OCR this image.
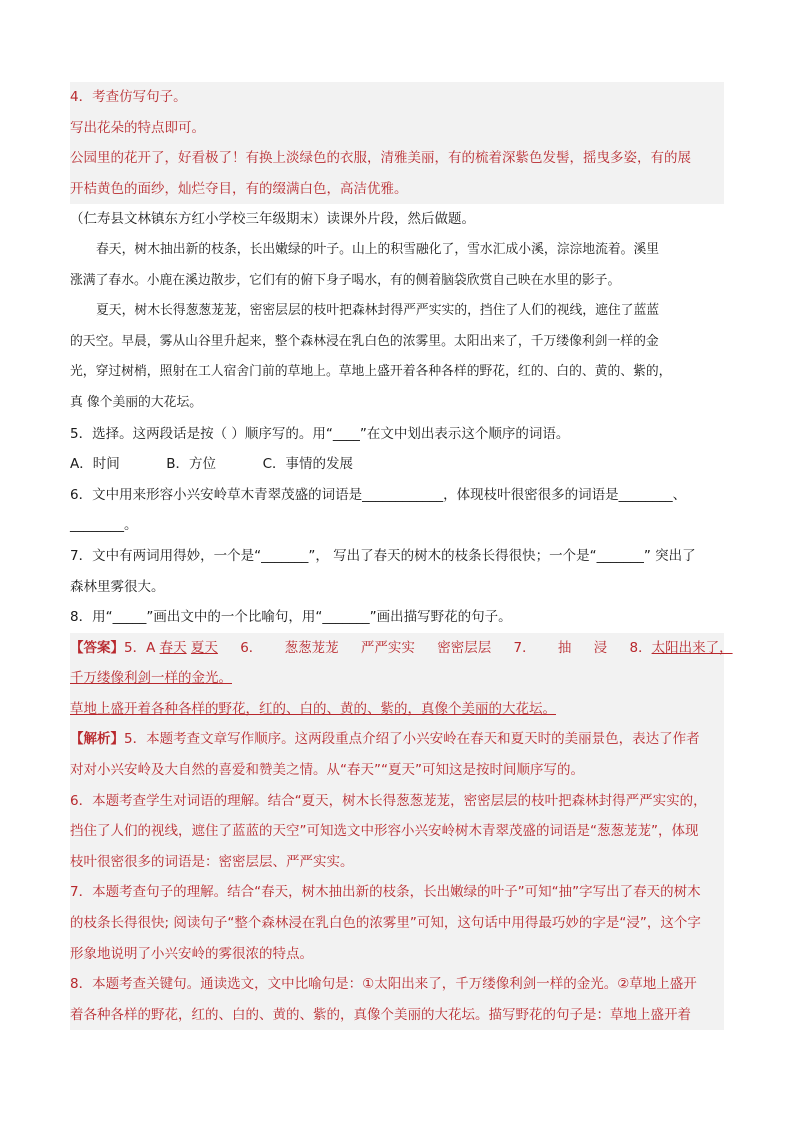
4．考查仿写句子。
写出花朵的特点即可。
公园里的花开了，好看极了！有换上淡绿色的衣服，清雅美丽，有的梳着深紫色发髻，摇曳多姿，有的展
开桔黄色的面纱，灿烂夺目，有的缀满白色，高洁优雅。
（仁寿县文林镇东方红小学校三年级期末）读课外片段，然后做题。
春天，树木抽出新的枝条，长出嫩绿的叶子。山上的积雪融化了，雪水汇成小溪，淙淙地流着。溪里
涨满了春水。小鹿在溪边散步，它们有的俯下身子喝水，有的侧着脑袋欣赏自己映在水里的影子。
夏天，树木长得葱葱茏茏，密密层层的枝叶把森林封得严严实实的，挡住了人们的视线，遮住了蓝蓝
的天空。早晨，雾从山谷里升起来，整个森林浸在乳白色的浓雾里。太阳出来了，千万缕像利剑一样的金
光，穿过树梢，照射在工人宿舍门前的草地上。草地上盛开着各种各样的野花，红的、白的、黄的、紫的，
真 像个美丽的大花坛。
5．选择。这两段话是按（ ）顺序写的。用“____”在文中划出表示这个顺序的词语。
A．时间	B．方位	C．事情的发展
6．文中用来形容小兴安岭草木青翠茂盛的词语是____________，体现枝叶很密很多的词语是________、
________。
7．文中有两词用得妙，一个是“_______”， 写出了春天的树木的枝条长得很快；一个是“_______” 突出了
森林里雾很大。
8．用“_____”画出文中的一个比喻句，用“_______”画出描写野花的句子。
【答案】5．A 春天 夏天 6． 葱葱茏茏 严严实实 密密层层 7． 抽 浸 8．太阳出来了，
千万缕像利剑一样的金光。
草地上盛开着各种各样的野花，红的、白的、黄的、紫的，真像个美丽的大花坛。
【解析】5．本题考查文章写作顺序。这两段重点介绍了小兴安岭在春天和夏天时的美丽景色，表达了作者
对对小兴安岭及大自然的喜爱和赞美之情。从“春天”“夏天”可知这是按时间顺序写的。
6．本题考查学生对词语的理解。结合“夏天，树木长得葱葱茏茏，密密层层的枝叶把森林封得严严实实的，
挡住了人们的视线，遮住了蓝蓝的天空”可知选文中形容小兴安岭树木青翠茂盛的词语是“葱葱茏茏”，体现
枝叶很密很多的词语是：密密层层、严严实实。
7．本题考查句子的理解。结合“春天，树木抽出新的枝条，长出嫩绿的叶子”可知“抽”字写出了春天的树木
的枝条长得很快; 阅读句子“整个森林浸在乳白色的浓雾里”可知，这句话中用得最巧妙的字是“浸”，这个字
形象地说明了小兴安岭的雾很浓的特点。
8．本题考查关键句。通读选文，文中比喻句是：①太阳出来了，千万缕像利剑一样的金光。②草地上盛开
着各种各样的野花，红的、白的、黄的、紫的，真像个美丽的大花坛。描写野花的句子是：草地上盛开着
